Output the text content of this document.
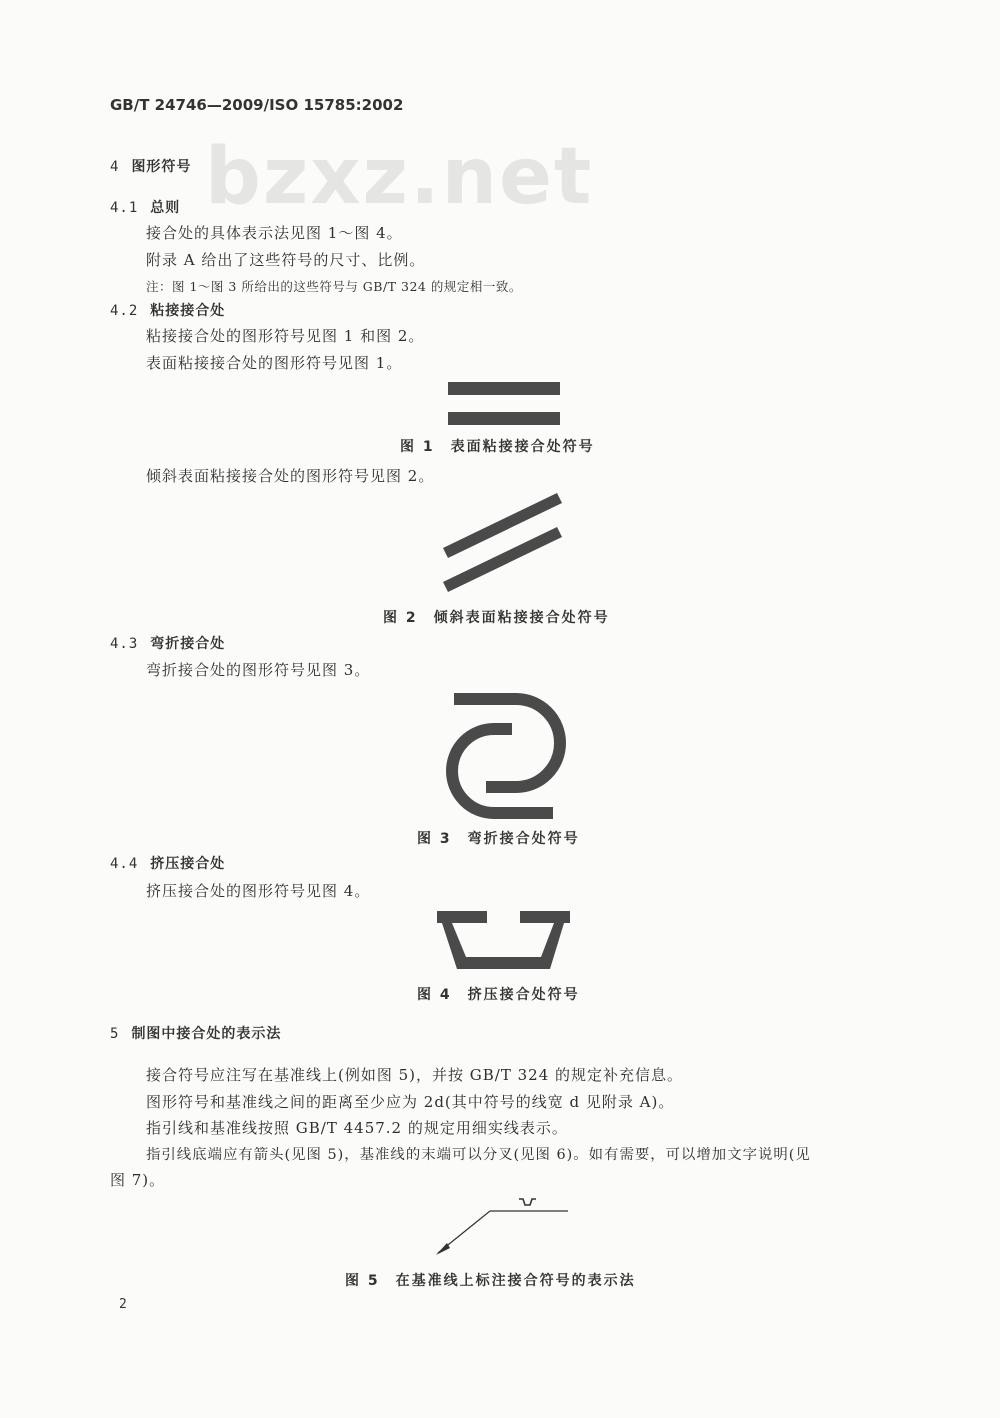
bzxz.net
GB/T 24746—2009/ISO 15785:2002
4 图形符号
4.1 总则
接合处的具体表示法见图 1～图 4。
附录 A 给出了这些符号的尺寸、比例。
注：图 1～图 3 所给出的这些符号与 GB/T 324 的规定相一致。
4.2 粘接接合处
粘接接合处的图形符号见图 1 和图 2。
表面粘接接合处的图形符号见图 1。
图 1　表面粘接接合处符号
倾斜表面粘接接合处的图形符号见图 2。
图 2　倾斜表面粘接接合处符号
4.3 弯折接合处
弯折接合处的图形符号见图 3。
图 3　弯折接合处符号
4.4 挤压接合处
挤压接合处的图形符号见图 4。
图 4　挤压接合处符号
5 制图中接合处的表示法
接合符号应注写在基准线上(例如图 5)，并按 GB/T 324 的规定补充信息。
图形符号和基准线之间的距离至少应为 2d(其中符号的线宽 d 见附录 A)。
指引线和基准线按照 GB/T 4457.2 的规定用细实线表示。
指引线底端应有箭头(见图 5)，基准线的末端可以分叉(见图 6)。如有需要，可以增加文字说明(见
图 7)。
图 5　在基准线上标注接合符号的表示法
2
